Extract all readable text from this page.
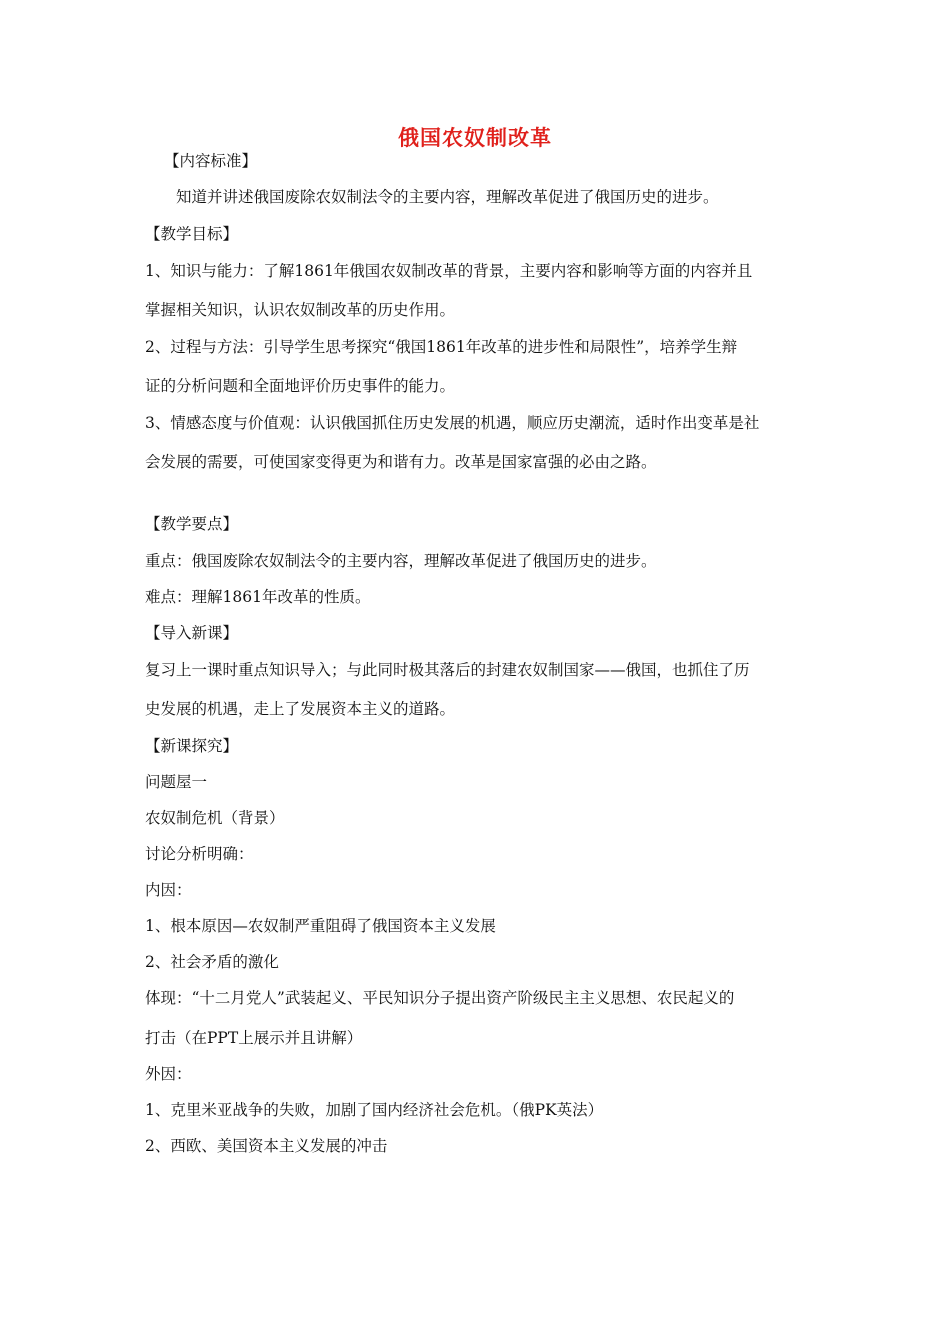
俄国农奴制改革
【内容标准】
知道并讲述俄国废除农奴制法令的主要内容，理解改革促进了俄国历史的进步。
【教学目标】
1、知识与能力：了解1861年俄国农奴制改革的背景，主要内容和影响等方面的内容并且
掌握相关知识，认识农奴制改革的历史作用。
2、过程与方法：引导学生思考探究“俄国1861年改革的进步性和局限性”，培养学生辩
证的分析问题和全面地评价历史事件的能力。
3、情感态度与价值观：认识俄国抓住历史发展的机遇，顺应历史潮流，适时作出变革是社
会发展的需要，可使国家变得更为和谐有力。改革是国家富强的必由之路。
【教学要点】
重点：俄国废除农奴制法令的主要内容，理解改革促进了俄国历史的进步。
难点：理解1861年改革的性质。
【导入新课】
复习上一课时重点知识导入；与此同时极其落后的封建农奴制国家——俄国，也抓住了历
史发展的机遇，走上了发展资本主义的道路。
【新课探究】
问题屋一
农奴制危机（背景）
讨论分析明确：
内因：
1、根本原因—农奴制严重阻碍了俄国资本主义发展
2、社会矛盾的激化
体现：“十二月党人”武装起义、平民知识分子提出资产阶级民主主义思想、农民起义的
打击（在PPT上展示并且讲解）
外因：
1、克里米亚战争的失败，加剧了国内经济社会危机。（俄PK英法）
2、西欧、美国资本主义发展的冲击
